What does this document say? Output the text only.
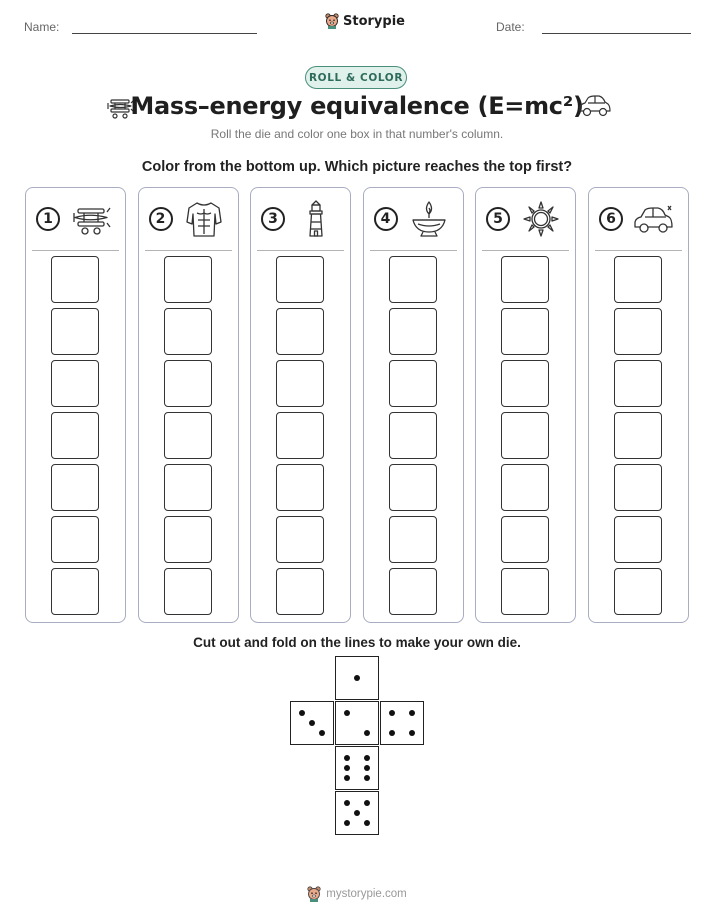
Name:	Storypie	Date:
ROLL & COLOR
Mass–energy equivalence (E=mc²)
Roll the die and color one box in that number's column.
Color from the bottom up. Which picture reaches the top first?
1	2	3	4	5	6
Cut out and fold on the lines to make your own die.
mystorypie.com
